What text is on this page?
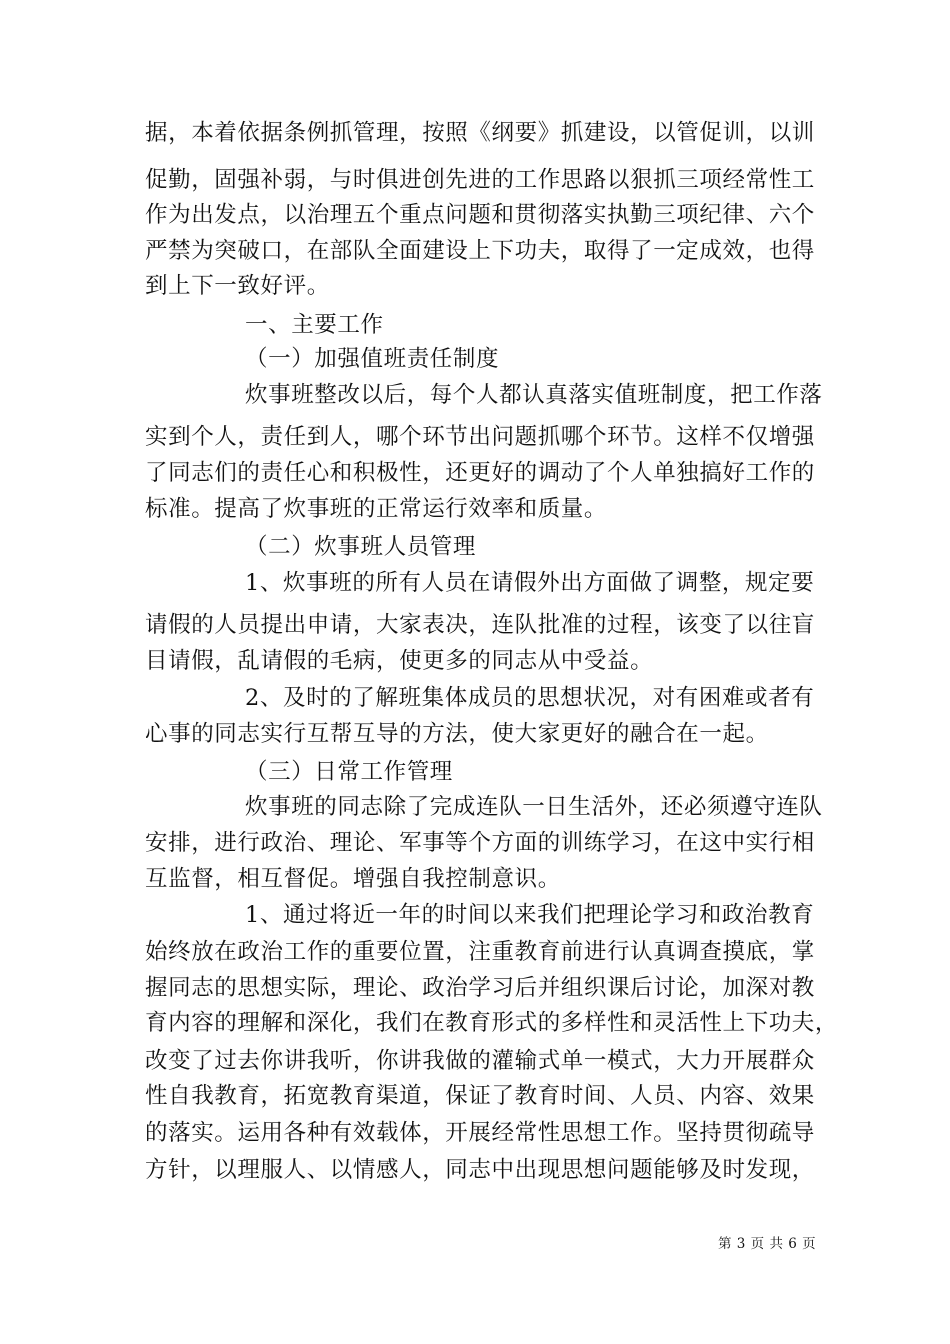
据，本着依据条例抓管理，按照《纲要》抓建设，以管促训，以训
促勤，固强补弱，与时俱进创先进的工作思路以狠抓三项经常性工
作为出发点，以治理五个重点问题和贯彻落实执勤三项纪律、六个
严禁为突破口，在部队全面建设上下功夫，取得了一定成效，也得
到上下一致好评。
一、主要工作
（一）加强值班责任制度
炊事班整改以后，每个人都认真落实值班制度，把工作落
实到个人，责任到人，哪个环节出问题抓哪个环节。这样不仅增强
了同志们的责任心和积极性，还更好的调动了个人单独搞好工作的
标准。提高了炊事班的正常运行效率和质量。
（二）炊事班人员管理
1、炊事班的所有人员在请假外出方面做了调整，规定要
请假的人员提出申请，大家表决，连队批准的过程，该变了以往盲
目请假，乱请假的毛病，使更多的同志从中受益。
2、及时的了解班集体成员的思想状况，对有困难或者有
心事的同志实行互帮互导的方法，使大家更好的融合在一起。
（三）日常工作管理
炊事班的同志除了完成连队一日生活外，还必须遵守连队
安排，进行政治、理论、军事等个方面的训练学习，在这中实行相
互监督，相互督促。增强自我控制意识。
1、通过将近一年的时间以来我们把理论学习和政治教育
始终放在政治工作的重要位置，注重教育前进行认真调查摸底，掌
握同志的思想实际，理论、政治学习后并组织课后讨论，加深对教
育内容的理解和深化，我们在教育形式的多样性和灵活性上下功夫，
改变了过去你讲我听，你讲我做的灌输式单一模式，大力开展群众
性自我教育，拓宽教育渠道，保证了教育时间、人员、内容、效果
的落实。运用各种有效载体，开展经常性思想工作。坚持贯彻疏导
方针，以理服人、以情感人，同志中出现思想问题能够及时发现，
第 3 页 共 6 页
